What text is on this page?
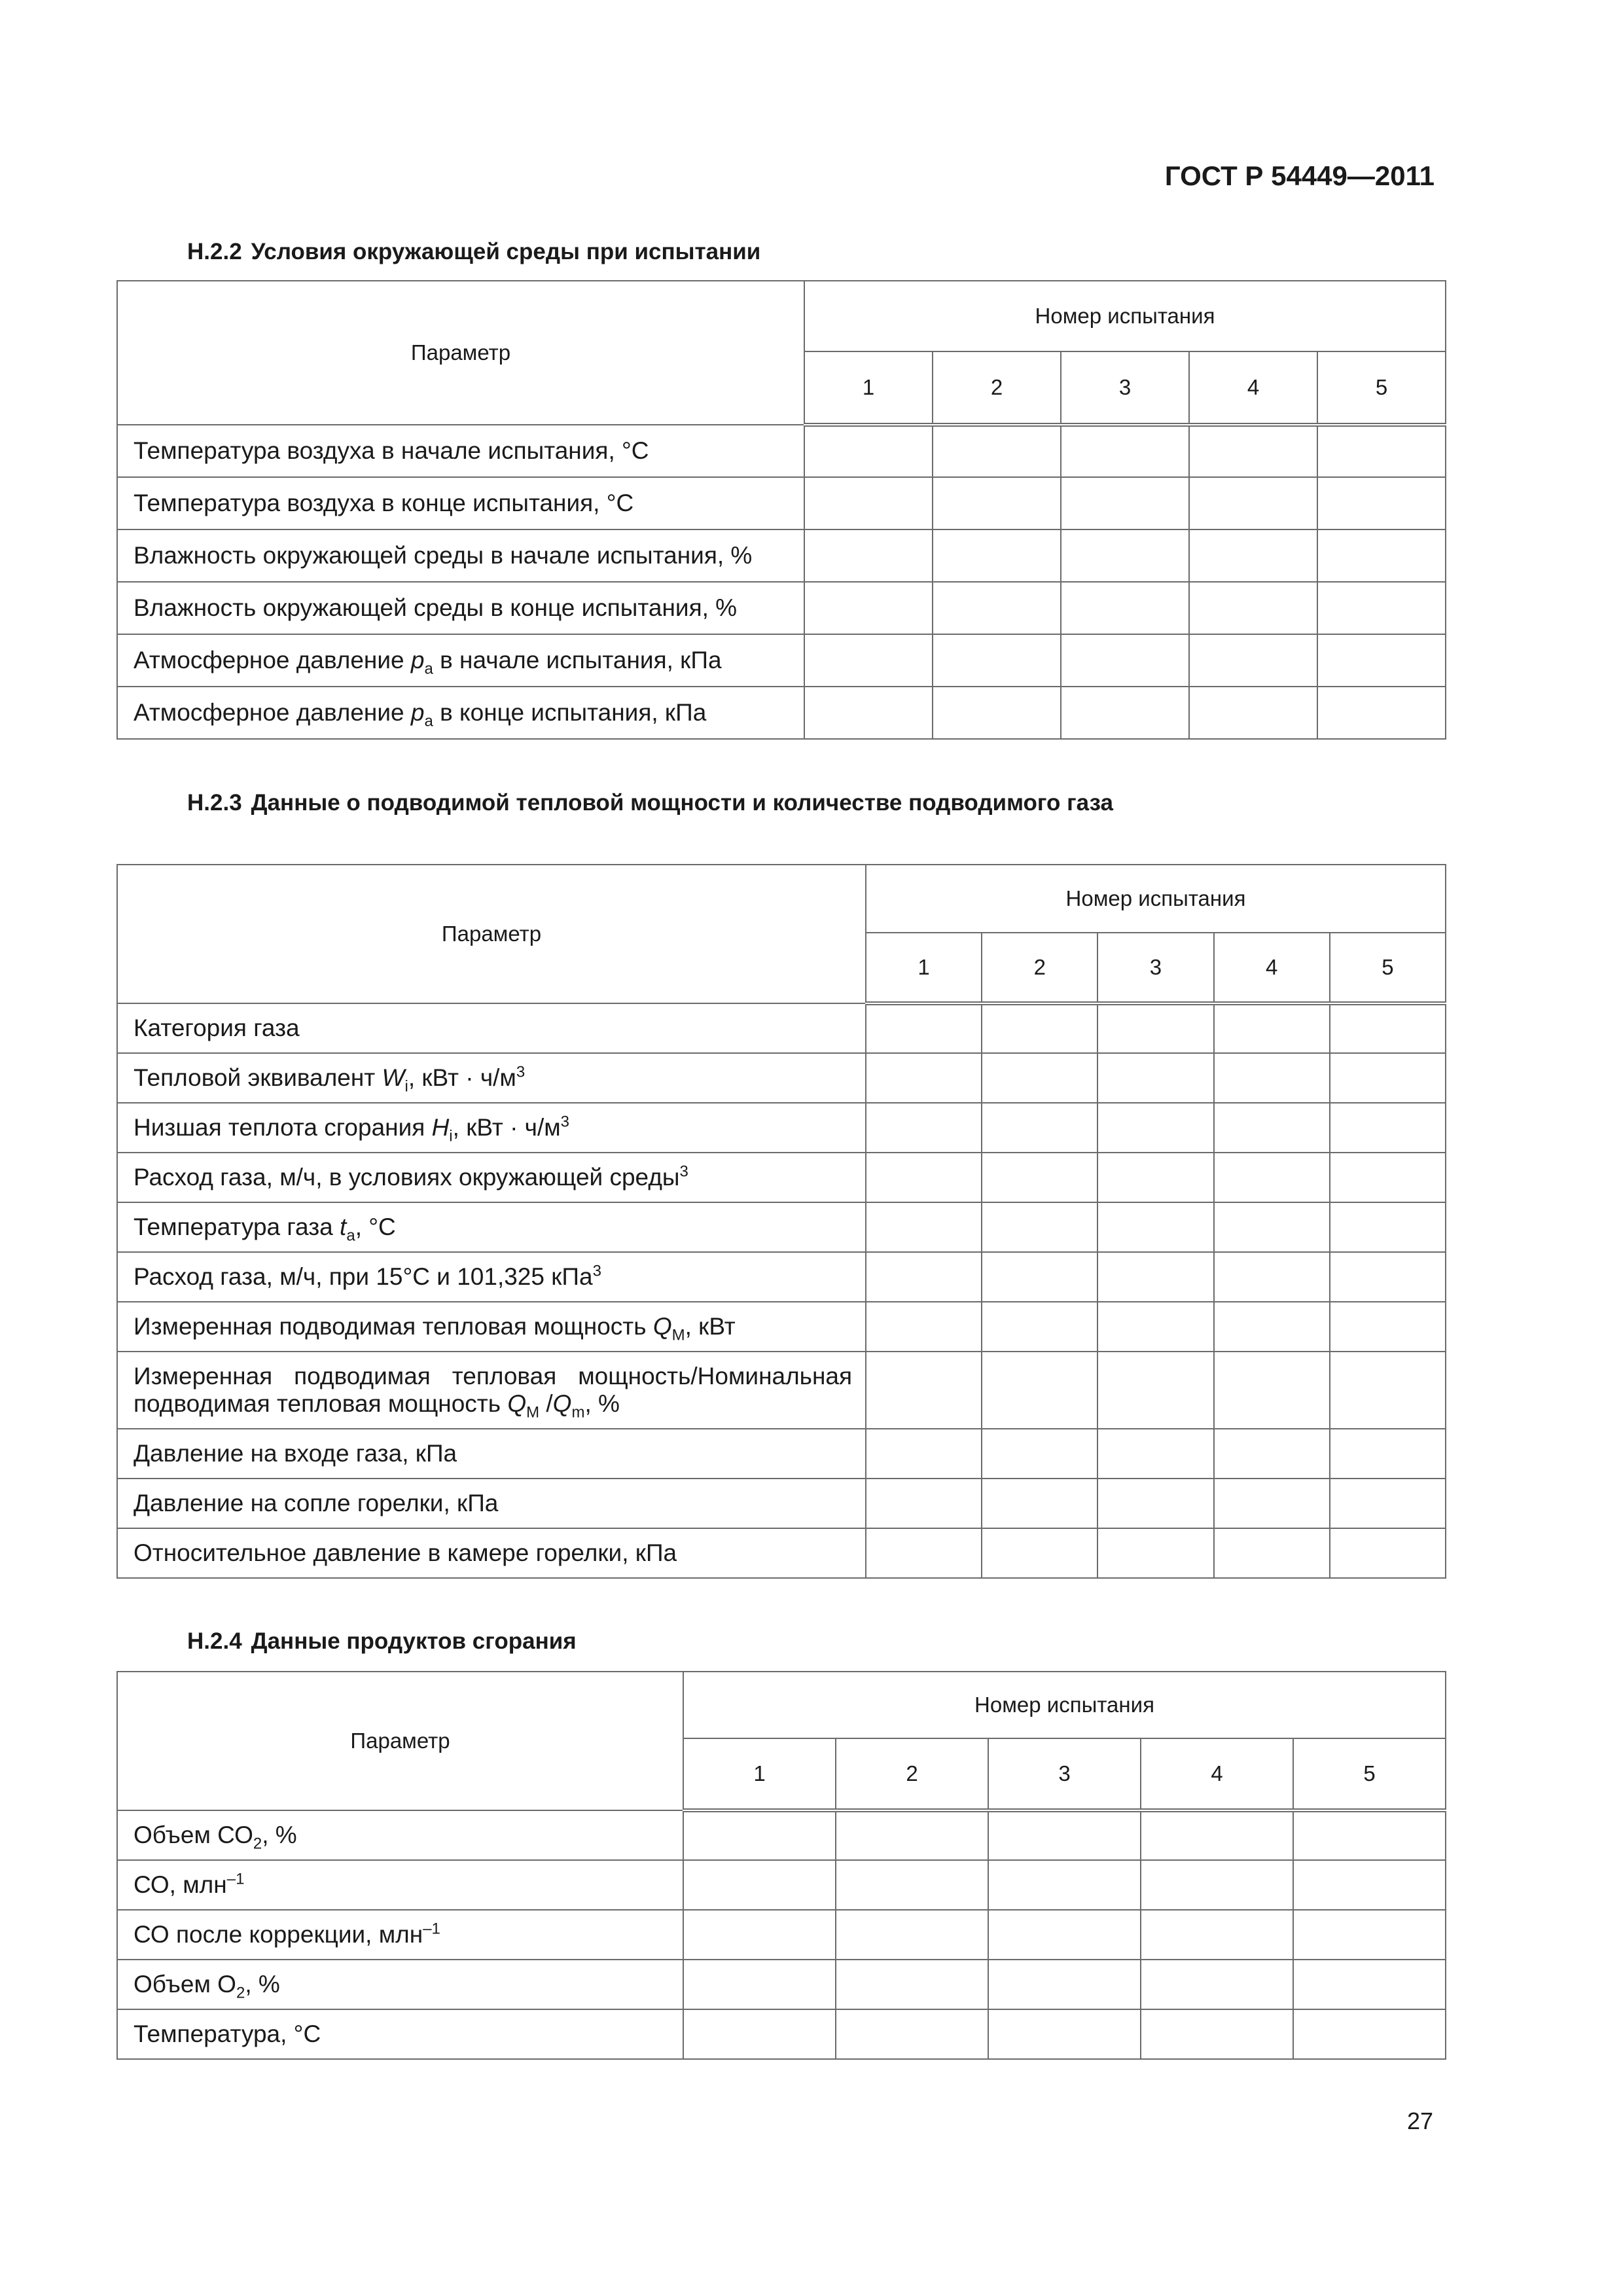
ГОСТ Р 54449—2011
Н.2.2 Условия окружающей среды при испытании
Параметр	Номер испытания				
	1	2	3	4	5
Температура воздуха в начале испытания, °С					
Температура воздуха в конце испытания, °С					
Влажность окружающей среды в начале испытания, %					
Влажность окружающей среды в конце испытания, %					
Атмосферное давление $p_a$ в начале испытания, кПа					
Атмосферное давление $p_a$ в конце испытания, кПа					
Н.2.3 Данные о подводимой тепловой мощности и количестве подводимого газа
Параметр	Номер испытания				
	1	2	3	4	5
Категория газа					
Тепловой эквивалент $W_i$, кВт · $ч/м^3$					
Низшая теплота сгорания $H_i$, кВт · $ч/м^3$					
Расход газа, м/ч, в условиях окружающей среды$^3$					
Температура газа $t_a$, °С					
Расход газа, м/ч, при 15°С и 101,325 кПа$^3$					
Измеренная подводимая тепловая мощность $Q_M$, кВт					
Измеренная подводимая тепловая мощность/Номинальная подводимая тепловая мощность $Q_M$ $/Q_m$, %					
Давление на входе газа, кПа					
Давление на сопле горелки, кПа					
Относительное давление в камере горелки, кПа					
Н.2.4 Данные продуктов сгорания
Параметр	Номер испытания				
	1	2	3	4	5
Объем $СО_2$, %					
СО, млн$^{-1}$					
СО после коррекции, млн$^{-1}$					
Объем $О_2$, %					
Температура, °С					
27
